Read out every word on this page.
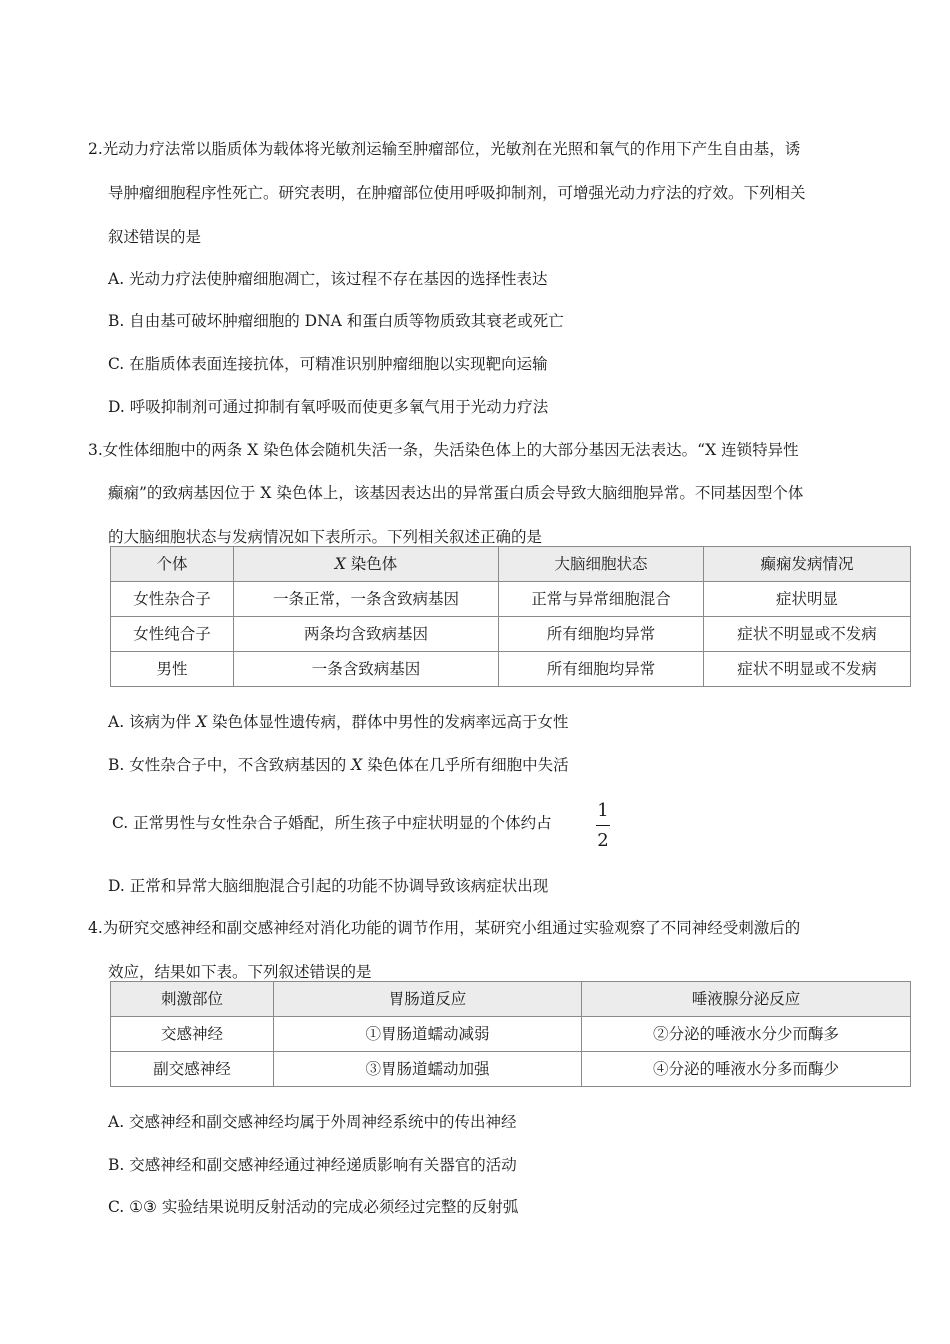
2.光动力疗法常以脂质体为载体将光敏剂运输至肿瘤部位，光敏剂在光照和氧气的作用下产生自由基，诱
导肿瘤细胞程序性死亡。研究表明，在肿瘤部位使用呼吸抑制剂，可增强光动力疗法的疗效。下列相关
叙述错误的是
A. 光动力疗法使肿瘤细胞凋亡，该过程不存在基因的选择性表达
B. 自由基可破坏肿瘤细胞的 DNA 和蛋白质等物质致其衰老或死亡
C. 在脂质体表面连接抗体，可精准识别肿瘤细胞以实现靶向运输
D. 呼吸抑制剂可通过抑制有氧呼吸而使更多氧气用于光动力疗法
3.女性体细胞中的两条 X 染色体会随机失活一条，失活染色体上的大部分基因无法表达。“X 连锁特异性
癫痫”的致病基因位于 X 染色体上，该基因表达出的异常蛋白质会导致大脑细胞异常。不同基因型个体
的大脑细胞状态与发病情况如下表所示。下列相关叙述正确的是
个体	X 染色体	大脑细胞状态	癫痫发病情况
女性杂合子	一条正常，一条含致病基因	正常与异常细胞混合	症状明显
女性纯合子	两条均含致病基因	所有细胞均异常	症状不明显或不发病
男性	一条含致病基因	所有细胞均异常	症状不明显或不发病
A. 该病为伴 X 染色体显性遗传病，群体中男性的发病率远高于女性
B. 女性杂合子中，不含致病基因的 X 染色体在几乎所有细胞中失活
C. 正常男性与女性杂合子婚配，所生孩子中症状明显的个体约占
1
2
D. 正常和异常大脑细胞混合引起的功能不协调导致该病症状出现
4.为研究交感神经和副交感神经对消化功能的调节作用，某研究小组通过实验观察了不同神经受刺激后的
效应，结果如下表。下列叙述错误的是
刺激部位	胃肠道反应	唾液腺分泌反应
交感神经	①胃肠道蠕动减弱	②分泌的唾液水分少而酶多
副交感神经	③胃肠道蠕动加强	④分泌的唾液水分多而酶少
A. 交感神经和副交感神经均属于外周神经系统中的传出神经
B. 交感神经和副交感神经通过神经递质影响有关器官的活动
C. ①③ 实验结果说明反射活动的完成必须经过完整的反射弧
